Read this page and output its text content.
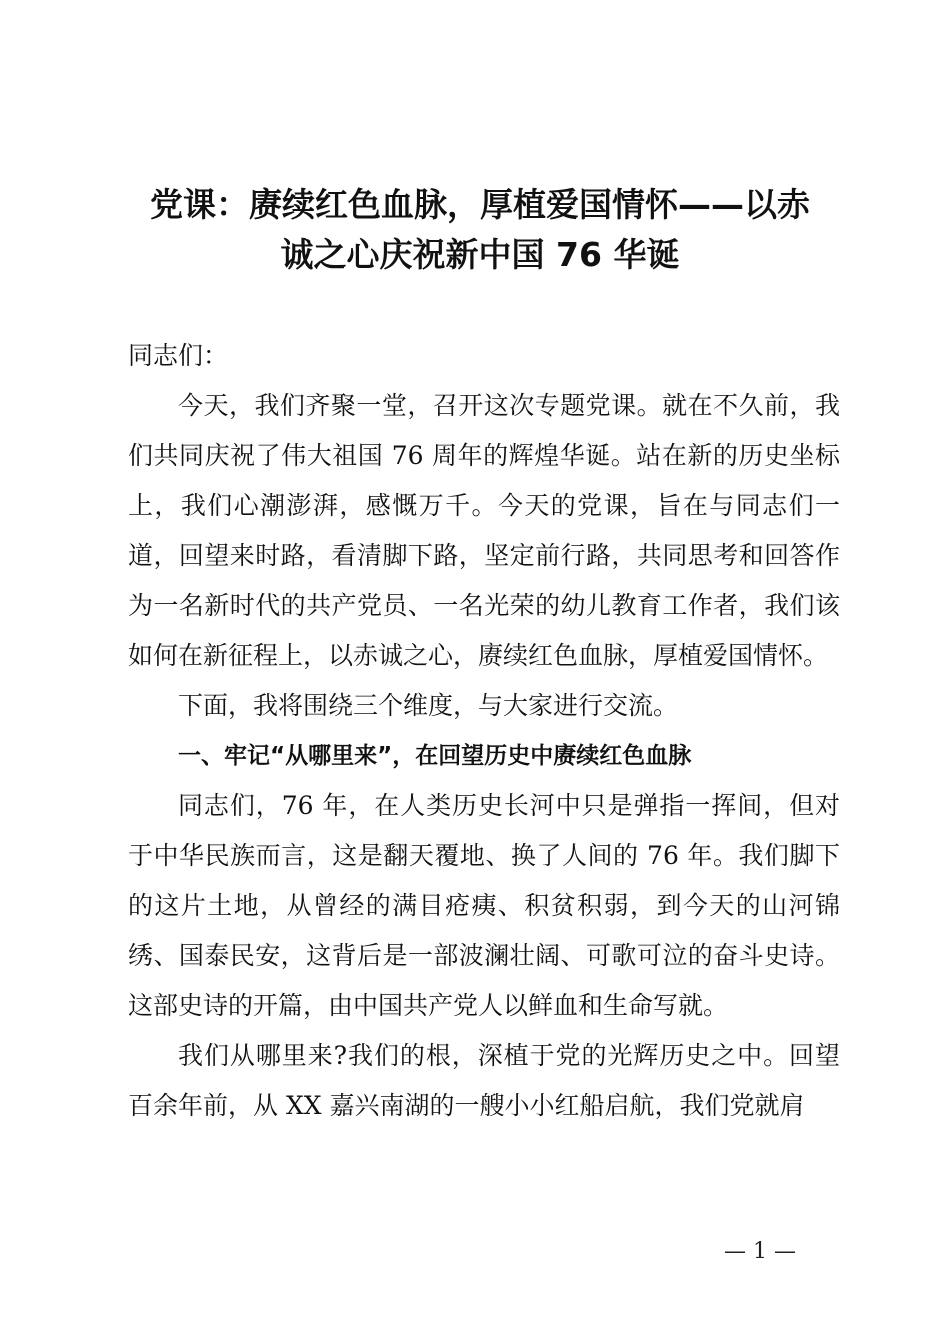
党课：赓续红色血脉，厚植爱国情怀——以赤
诚之心庆祝新中国 76 华诞

同志们：

今天，我们齐聚一堂，召开这次专题党课。就在不久前，我们共同庆祝了伟大祖国 76 周年的辉煌华诞。站在新的历史坐标上，我们心潮澎湃，感慨万千。今天的党课，旨在与同志们一道，回望来时路，看清脚下路，坚定前行路，共同思考和回答作为一名新时代的共产党员、一名光荣的幼儿教育工作者，我们该如何在新征程上，以赤诚之心，赓续红色血脉，厚植爱国情怀。

下面，我将围绕三个维度，与大家进行交流。

一、牢记“从哪里来”，在回望历史中赓续红色血脉

同志们，76 年，在人类历史长河中只是弹指一挥间，但对于中华民族而言，这是翻天覆地、换了人间的 76 年。我们脚下的这片土地，从曾经的满目疮痍、积贫积弱，到今天的山河锦绣、国泰民安，这背后是一部波澜壮阔、可歌可泣的奋斗史诗。这部史诗的开篇，由中国共产党人以鲜血和生命写就。

我们从哪里来?我们的根，深植于党的光辉历史之中。回望百余年前，从 XX 嘉兴南湖的一艘小小红船启航，我们党就肩

— 1 —
